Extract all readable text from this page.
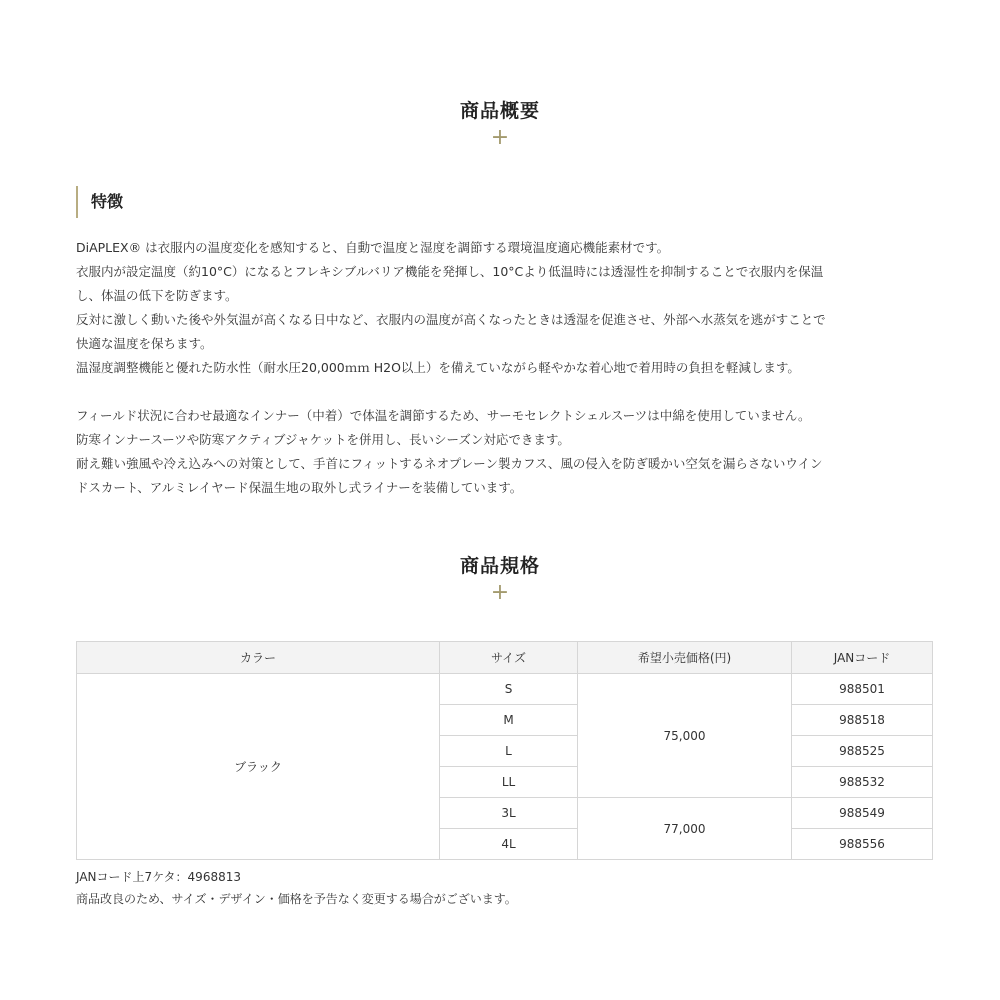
商品概要
+
特徴

DiAPLEX® は衣服内の温度変化を感知すると、自動で温度と湿度を調節する環境温度適応機能素材です。

衣服内が設定温度（約10°C）になるとフレキシブルバリア機能を発揮し、10°Cより低温時には透湿性を抑制することで衣服内を保温

し、体温の低下を防ぎます。

反対に激しく動いた後や外気温が高くなる日中など、衣服内の温度が高くなったときは透湿を促進させ、外部へ水蒸気を逃がすことで

快適な温度を保ちます。

温湿度調整機能と優れた防水性（耐水圧20,000ｍｍ H2O以上）を備えていながら軽やかな着心地で着用時の負担を軽減します。

フィールド状況に合わせ最適なインナー（中着）で体温を調節するため、サーモセレクトシェルスーツは中綿を使用していません。

防寒インナースーツや防寒アクティブジャケットを併用し、長いシーズン対応できます。

耐え難い強風や冷え込みへの対策として、手首にフィットするネオプレーン製カフス、風の侵入を防ぎ暖かい空気を漏らさないウイン

ドスカート、アルミレイヤード保温生地の取外し式ライナーを装備しています。

商品規格
+
カラー	サイズ	希望小売価格(円)	JANコード
ブラック	S	75,000	988501
	M		988518
	L		988525
	LL		988532
	3L	77,000	988549
	4L		988556

JANコード上7ケタ：4968813

商品改良のため、サイズ・デザイン・価格を予告なく変更する場合がございます。
